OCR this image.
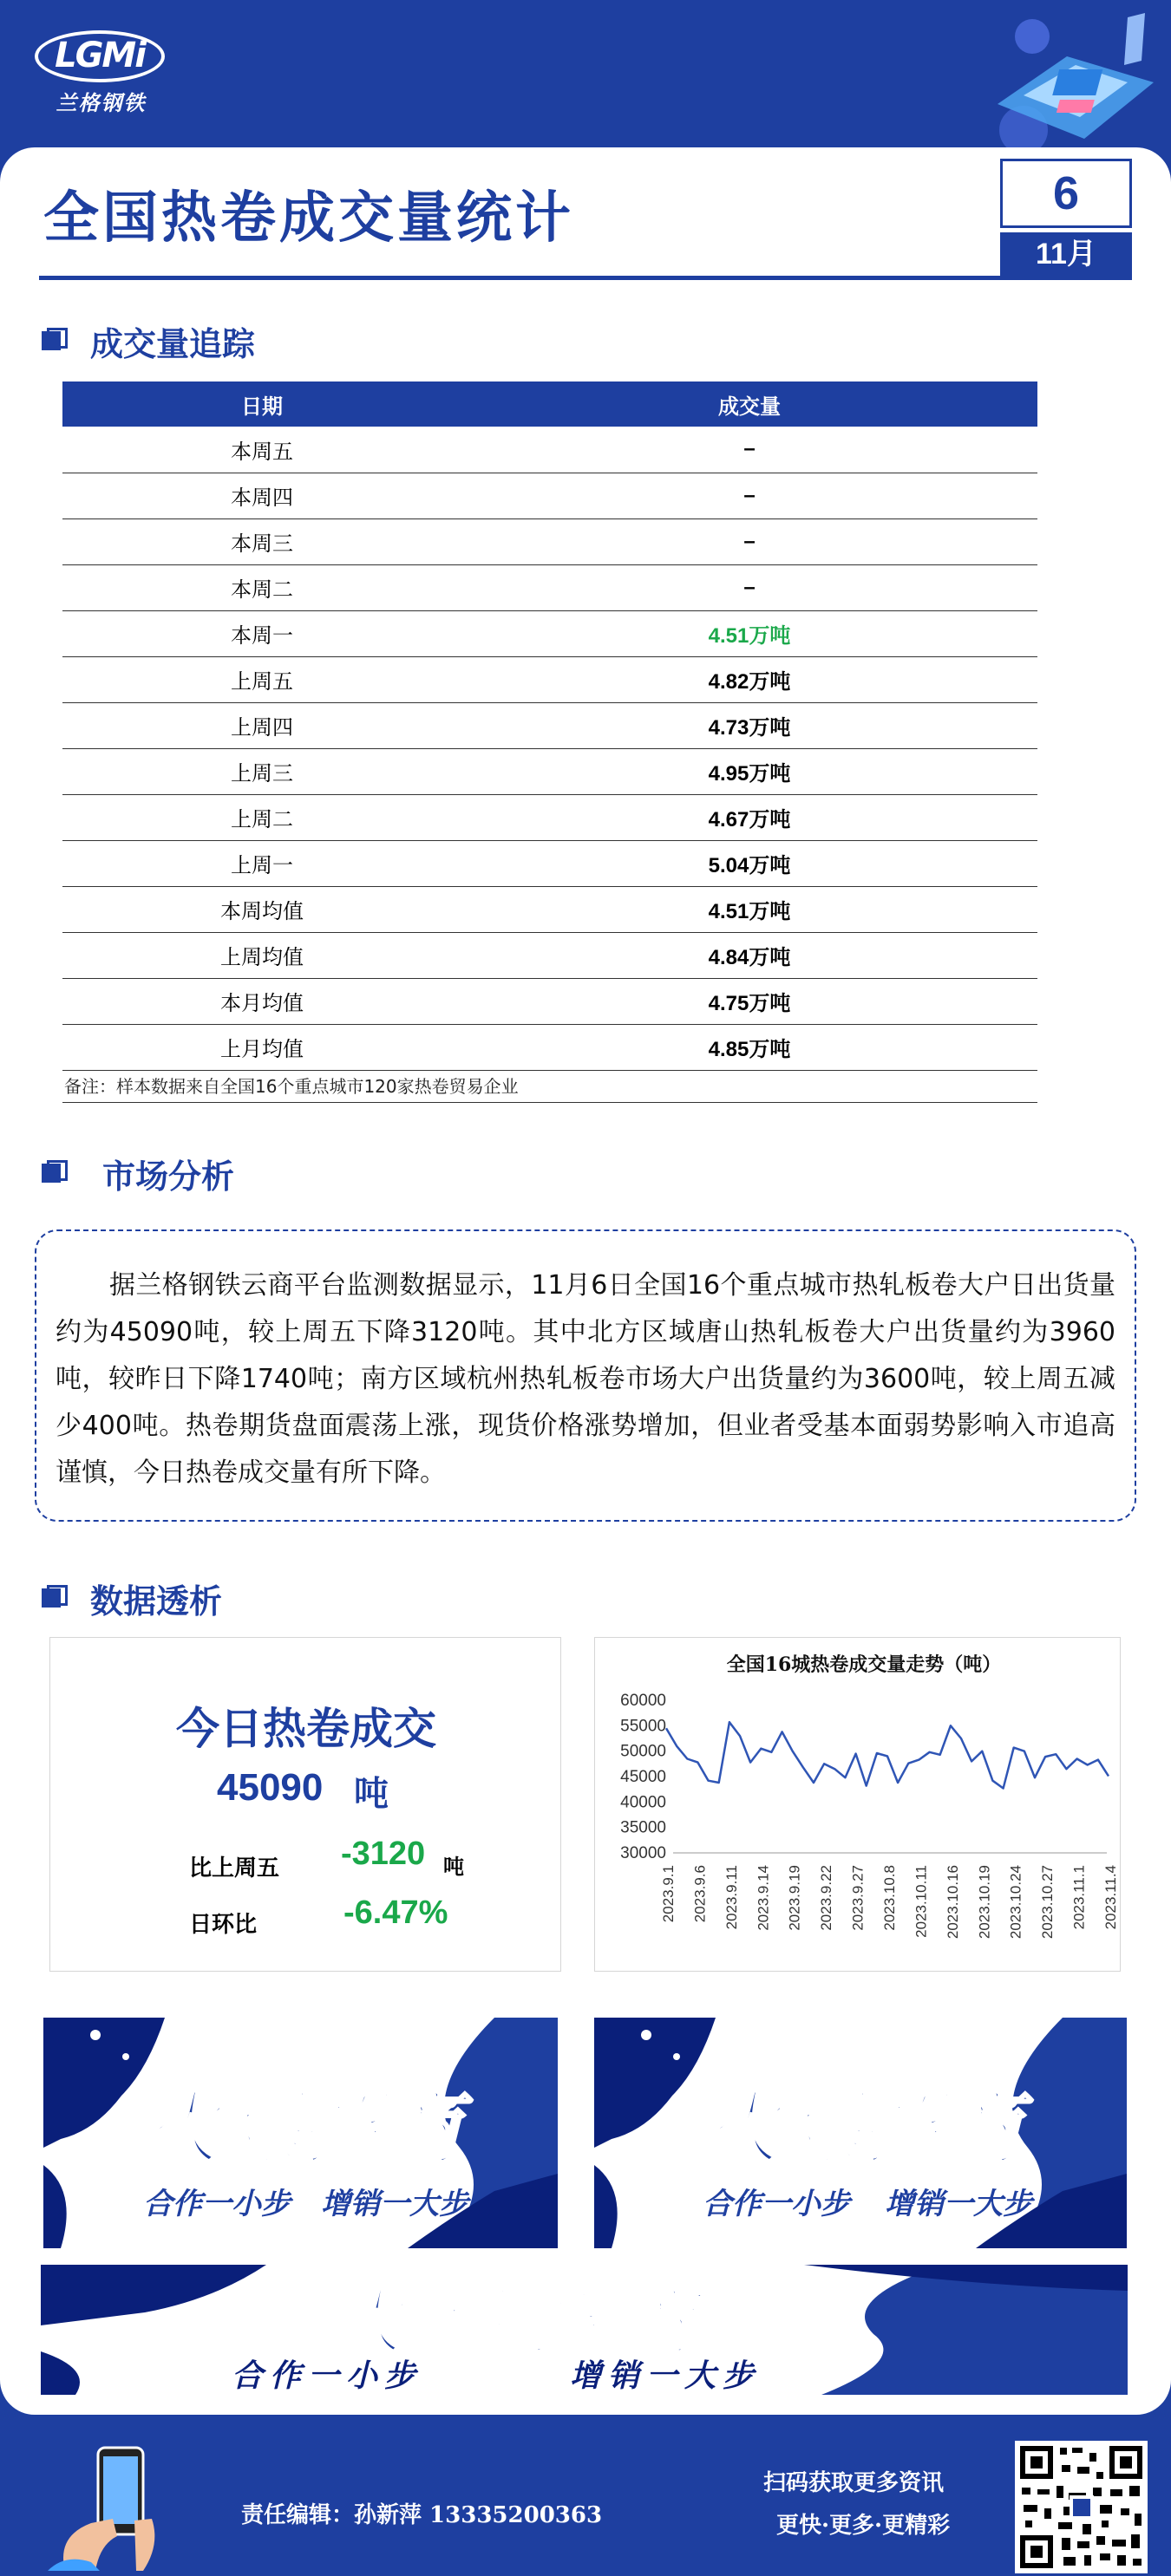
LGMi
兰格钢铁
全国热卷成交量统计	6
11月
成交量追踪
日期	成交量
本周五	–
本周四	–
本周三	–
本周二	–
本周一	4.51万吨
上周五	4.82万吨
上周四	4.73万吨
上周三	4.95万吨
上周二	4.67万吨
上周一	5.04万吨
本周均值	4.51万吨
上周均值	4.84万吨
本月均值	4.75万吨
上月均值	4.85万吨
备注：样本数据来自全国16个重点城市120家热卷贸易企业
市场分析

据兰格钢铁云商平台监测数据显示，11月6日全国16个重点城市热轧板卷大户日出货量约为45090吨，较上周五下降3120吨。其中北方区域唐山热轧板卷大户出货量约为3960吨，较昨日下降1740吨；南方区域杭州热轧板卷市场大户出货量约为3600吨，较上周五减少400吨。热卷期货盘面震荡上涨，现货价格涨势增加，但业者受基本面弱势影响入市追高谨慎，今日热卷成交量有所下降。

数据透析
今日热卷成交
45090 吨
比上周五 -3120 吨
日环比	-6.47%
全国16城热卷成交量走势（吨）
30000
35000
40000
45000
50000
55000
60000
2023.9.1 2023.9.6 2023.9.11 2023.9.14 2023.9.19 2023.9.22 2023.9.27 2023.10.8 2023.10.11 2023.10.16 2023.10.19 2023.10.24 2023.10.27 2023.11.1 2023.11.4
火爆招商
合作一小步 增销一大步
火爆招商
合作一小步 增销一大步
火爆招商
合作一小步	增销一大步
责任编辑：孙新萍 13335200363
扫码获取更多资讯
更快·更多·更精彩
